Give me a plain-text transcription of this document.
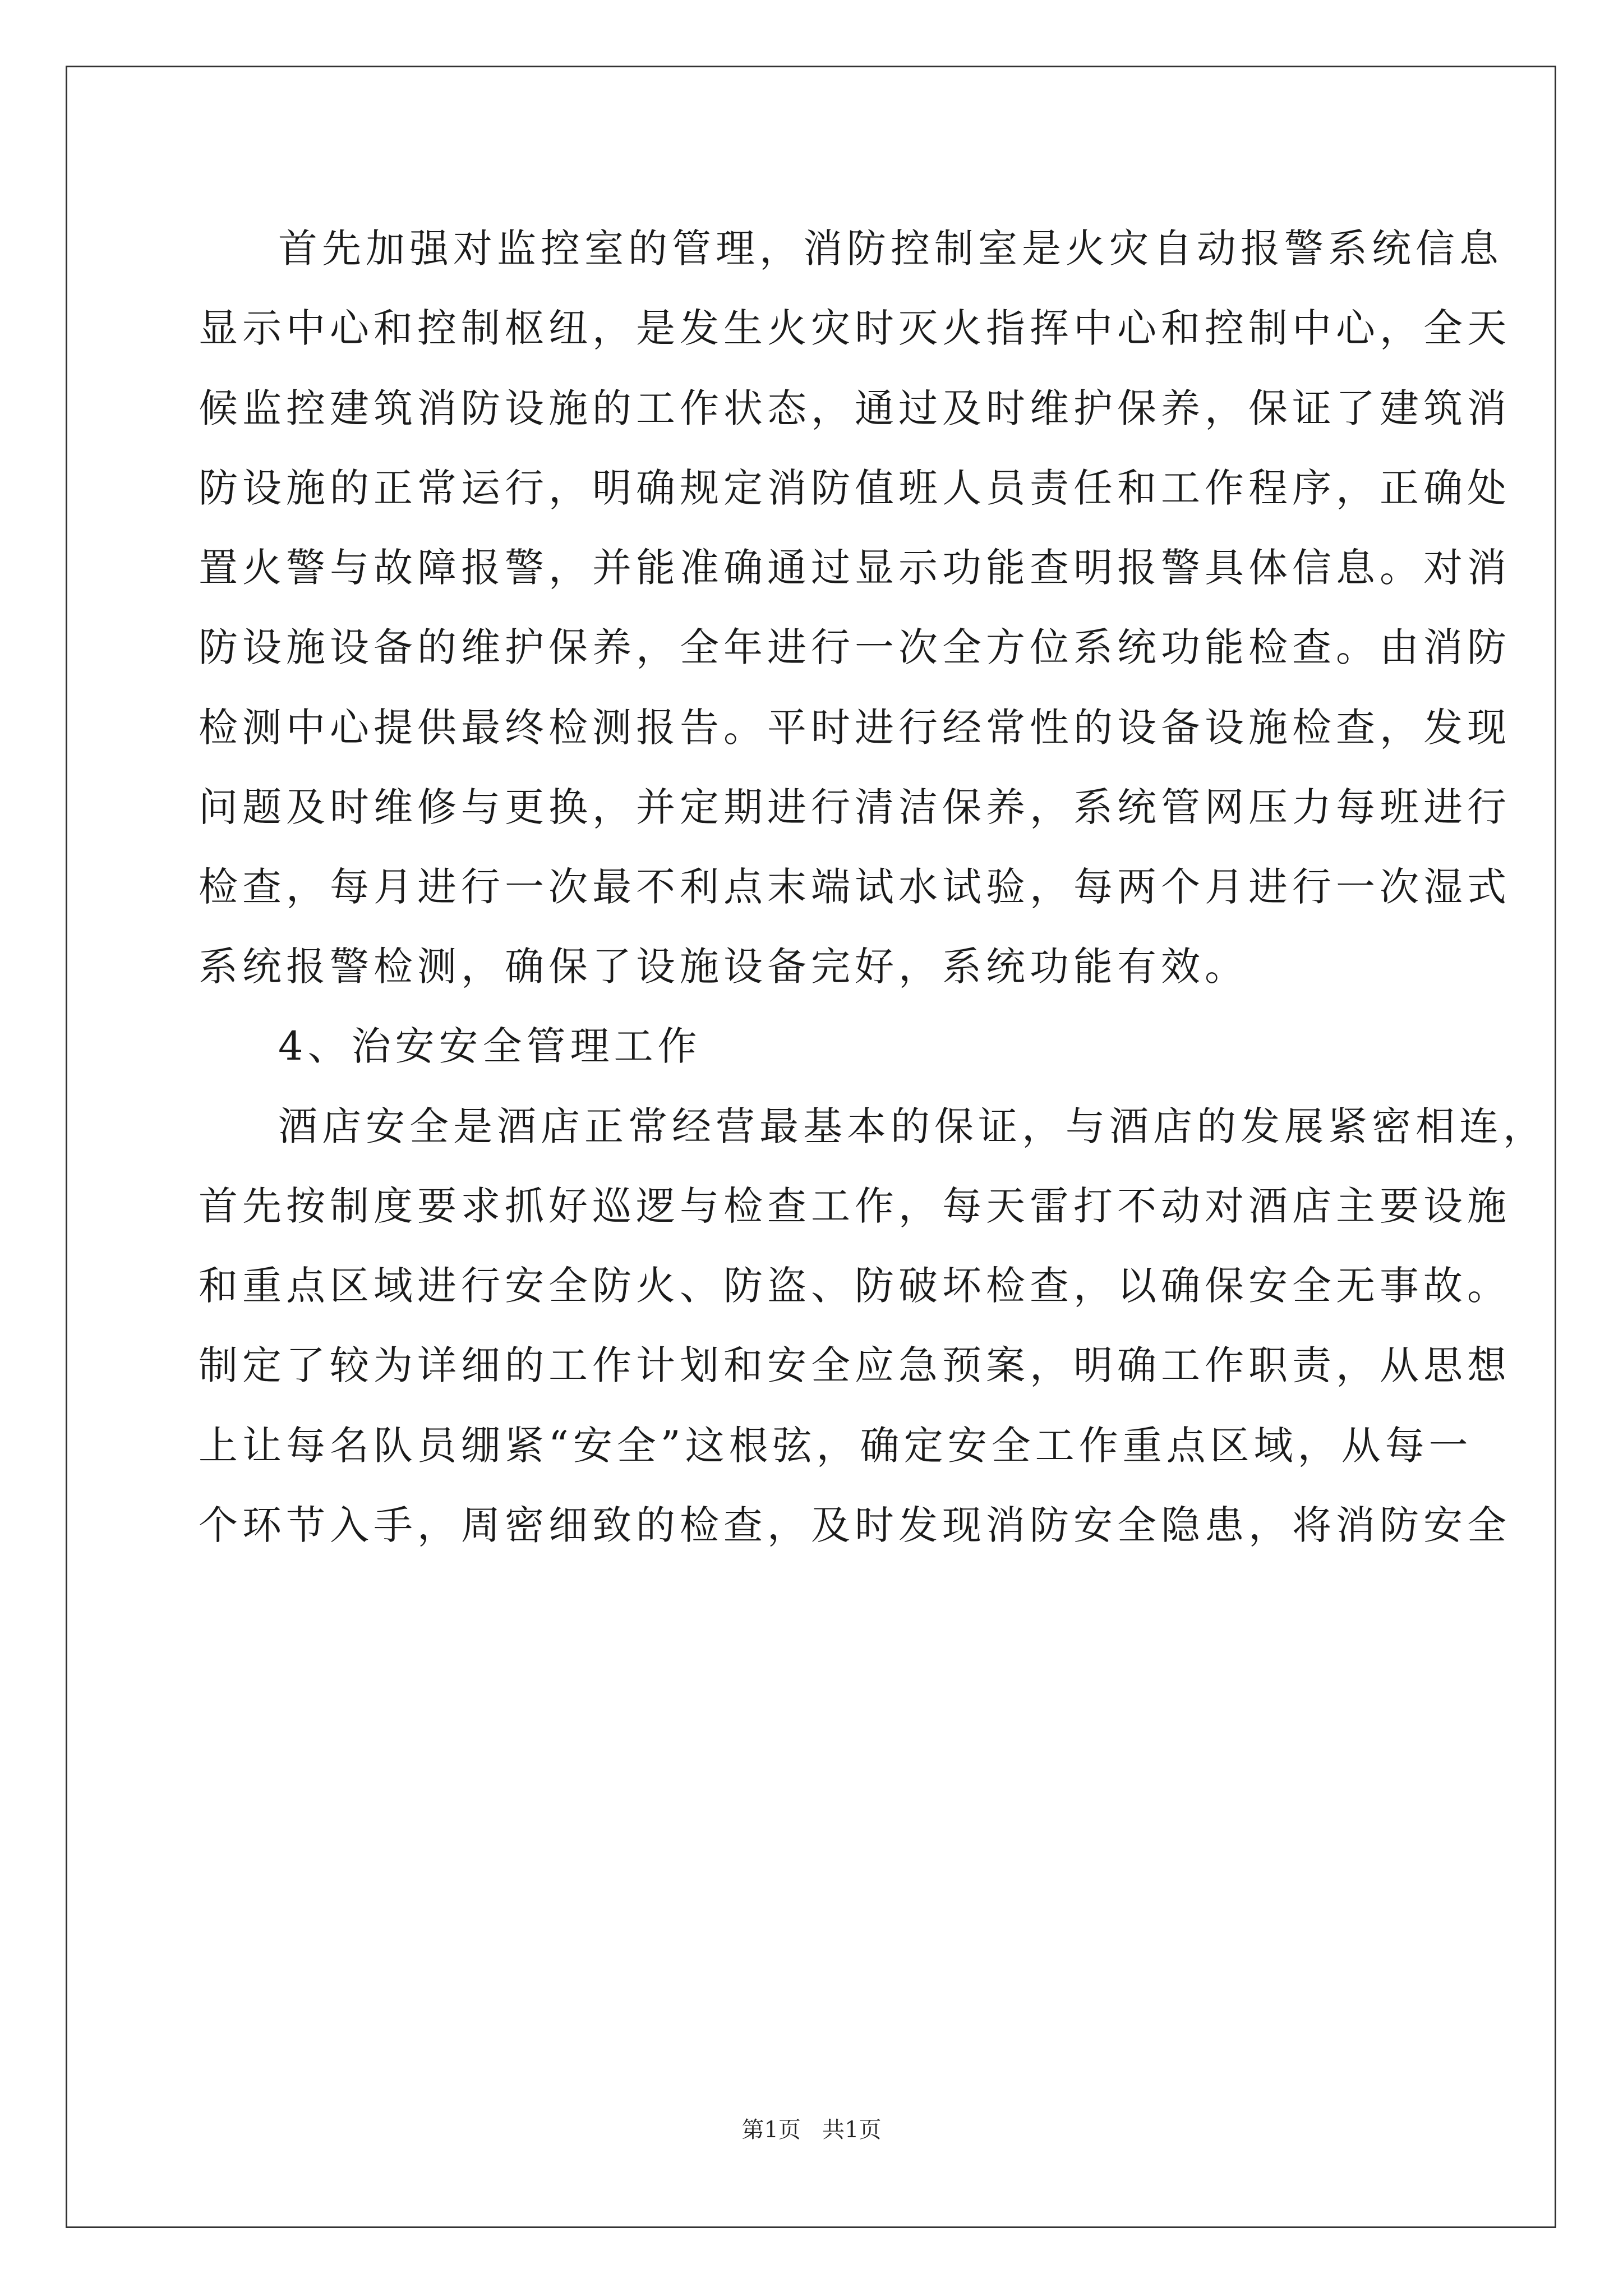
首先加强对监控室的管理，消防控制室是火灾自动报警系统信息
显示中心和控制枢纽，是发生火灾时灭火指挥中心和控制中心，全天
候监控建筑消防设施的工作状态，通过及时维护保养，保证了建筑消
防设施的正常运行，明确规定消防值班人员责任和工作程序，正确处
置火警与故障报警，并能准确通过显示功能查明报警具体信息。对消
防设施设备的维护保养，全年进行一次全方位系统功能检查。由消防
检测中心提供最终检测报告。平时进行经常性的设备设施检查，发现
问题及时维修与更换，并定期进行清洁保养，系统管网压力每班进行
检查，每月进行一次最不利点末端试水试验，每两个月进行一次湿式
系统报警检测，确保了设施设备完好，系统功能有效。
4、治安安全管理工作
酒店安全是酒店正常经营最基本的保证，与酒店的发展紧密相连，
首先按制度要求抓好巡逻与检查工作，每天雷打不动对酒店主要设施
和重点区域进行安全防火、防盗、防破坏检查，以确保安全无事故。
制定了较为详细的工作计划和安全应急预案，明确工作职责，从思想
上让每名队员绷紧“安全”这根弦，确定安全工作重点区域，从每一
个环节入手，周密细致的检查，及时发现消防安全隐患，将消防安全
第1页   共1页
